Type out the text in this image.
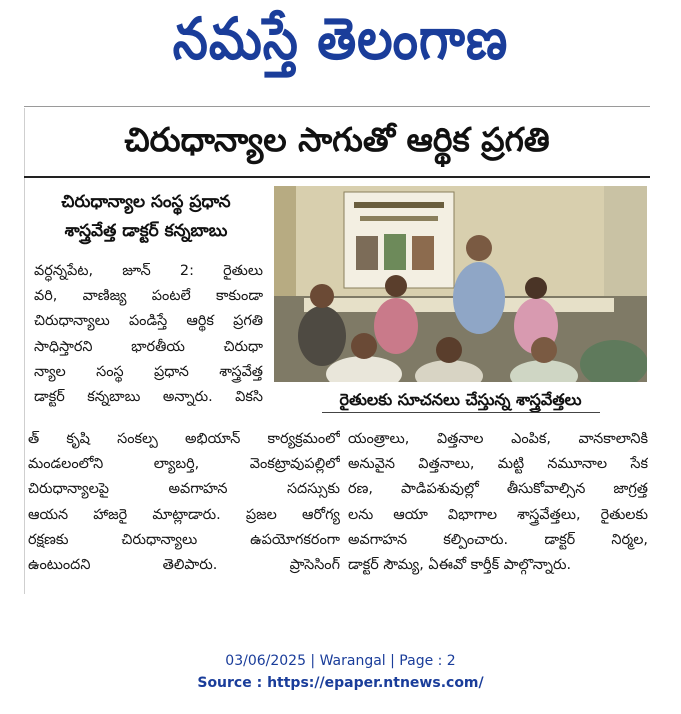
నమస్తే తెలంగాణ
చిరుధాన్యాల సాగుతో ఆర్థిక ప్రగతి
చిరుధాన్యాల సంస్థ ప్రధాన
శాస్త్రవేత్త డాక్టర్ కన్నబాబు
వర్ధన్నపేట, జూన్ 2: రైతులు
వరి, వాణిజ్య పంటలే కాకుండా
చిరుధాన్యాలు పండిస్తే ఆర్థిక ప్రగతి
సాధిస్తారని భారతీయ చిరుధా
న్యాల సంస్థ ప్రధాన శాస్త్రవేత్త
డాక్టర్ కన్నబాబు అన్నారు. వికసి	రైతులకు సూచనలు చేస్తున్న శాస్త్రవేత్తలు
త్ కృషి సంకల్ప అభియాన్ కార్యక్రమంలో
మండలంలోని ల్యాబర్తి, వెంకట్రావుపల్లిలో
చిరుధాన్యాలపై అవగాహన సదస్సుకు
ఆయన హాజరై మాట్లాడారు. ప్రజల ఆరోగ్య
రక్షణకు చిరుధాన్యాలు ఉపయోగకరంగా
ఉంటుందని తెలిపారు. ప్రాసెసింగ్
యంత్రాలు, విత్తనాల ఎంపిక, వానకాలానికి
అనువైన విత్తనాలు, మట్టి నమూనాల సేక
రణ, పాడిపశువుల్లో తీసుకోవాల్సిన జాగ్రత్త
లను ఆయా విభాగాల శాస్త్రవేత్తలు, రైతులకు
అవగాహన కల్పించారు. డాక్టర్ నిర్మల,
డాక్టర్ సౌమ్య, ఏఈవో కార్తీక్ పాల్గొన్నారు.
03/06/2025 | Warangal | Page : 2
Source : https://epaper.ntnews.com/
